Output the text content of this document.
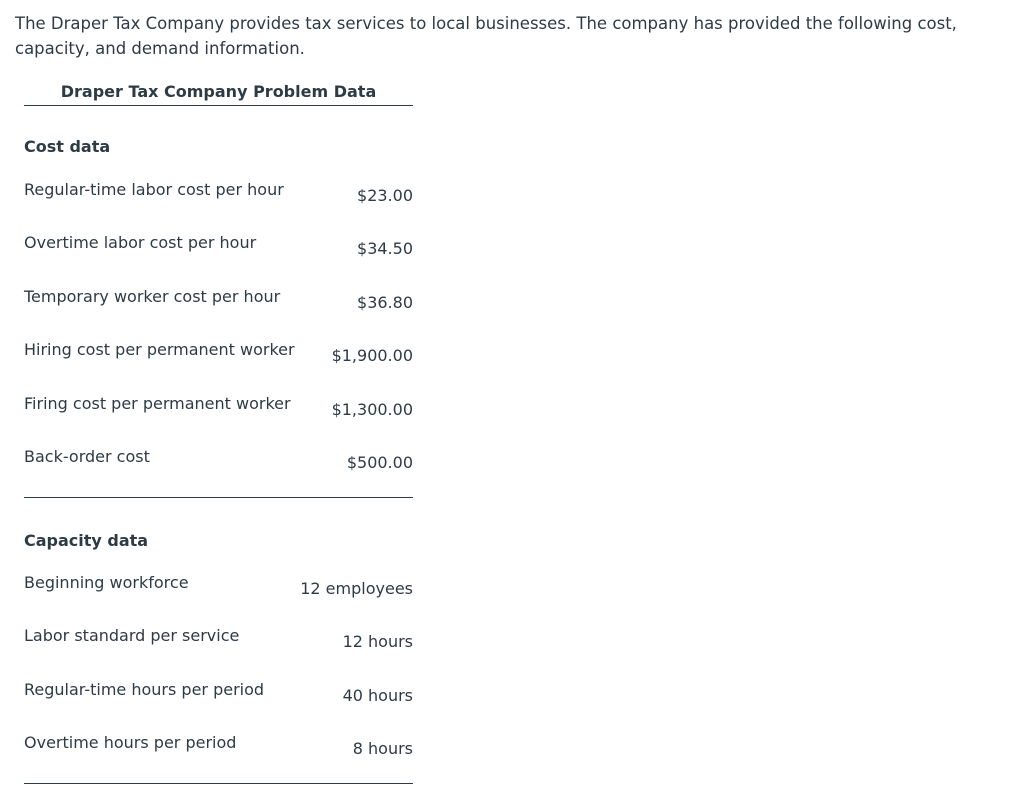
The Draper Tax Company provides tax services to local businesses. The company has provided the following cost, capacity, and demand information.

Draper Tax Company Problem Data
Cost data
Regular-time labor cost per hour	$23.00
Overtime labor cost per hour	$34.50
Temporary worker cost per hour	$36.80
Hiring cost per permanent worker $1,900.00
Firing cost per permanent worker	$1,300.00
Back-order cost	$500.00
Capacity data
Beginning workforce	12 employees
Labor standard per service	12 hours
Regular-time hours per period	40 hours
Overtime hours per period	8 hours
